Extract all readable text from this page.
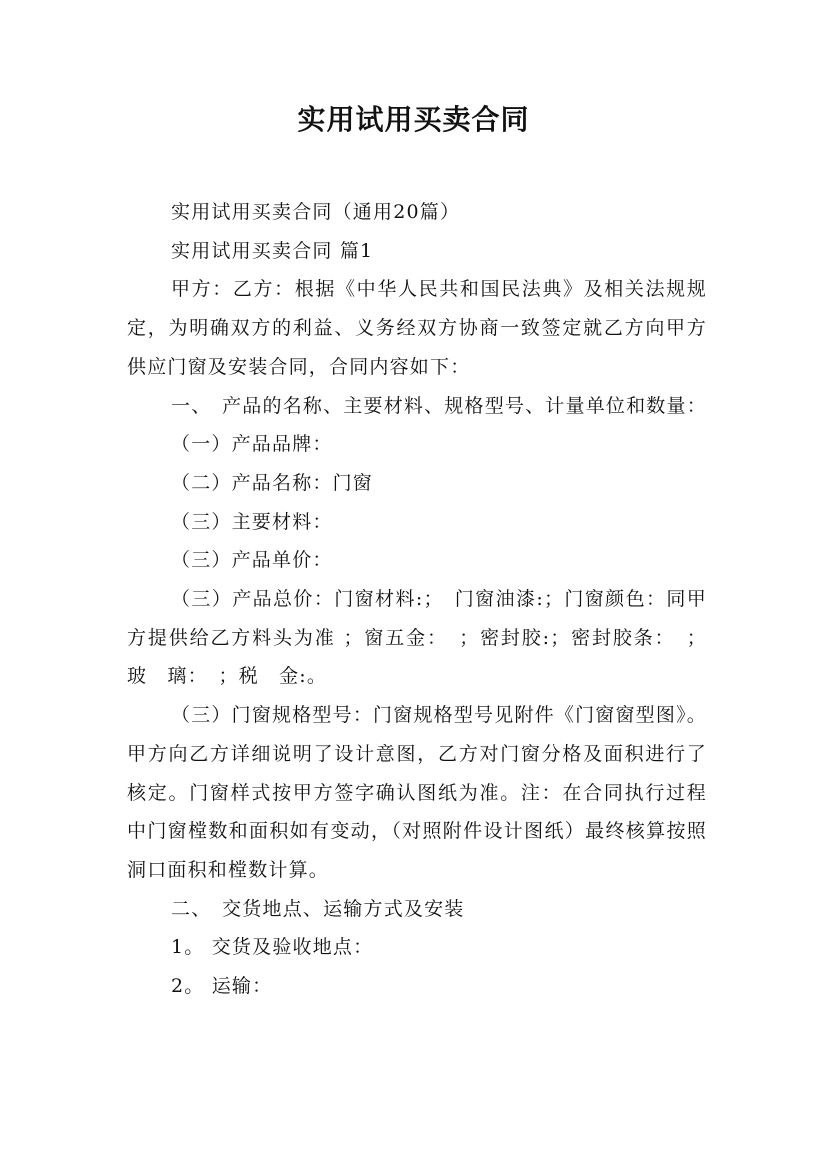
实用试用买卖合同

实用试用买卖合同（通用20篇）

实用试用买卖合同 篇1

甲方：乙方：根据《中华人民共和国民法典》及相关法规规定，为明确双方的利益、义务经双方协商一致签定就乙方向甲方供应门窗及安装合同，合同内容如下：

一、　产品的名称、主要材料、规格型号、计量单位和数量：

（一）产品品牌：

（二）产品名称：门窗

（三）主要材料：

（三）产品单价：

（三）产品总价：门窗材料:；　门窗油漆:；门窗颜色：同甲方提供给乙方料头为准 ；窗五金：　；密封胶:；密封胶条：　；玻　璃：　；税　金:。

（三）门窗规格型号：门窗规格型号见附件《门窗窗型图》。甲方向乙方详细说明了设计意图，乙方对门窗分格及面积进行了核定。门窗样式按甲方签字确认图纸为准。注：在合同执行过程中门窗樘数和面积如有变动，（对照附件设计图纸）最终核算按照洞口面积和樘数计算。

二、　交货地点、运输方式及安装

1。 交货及验收地点：

2。 运输：
